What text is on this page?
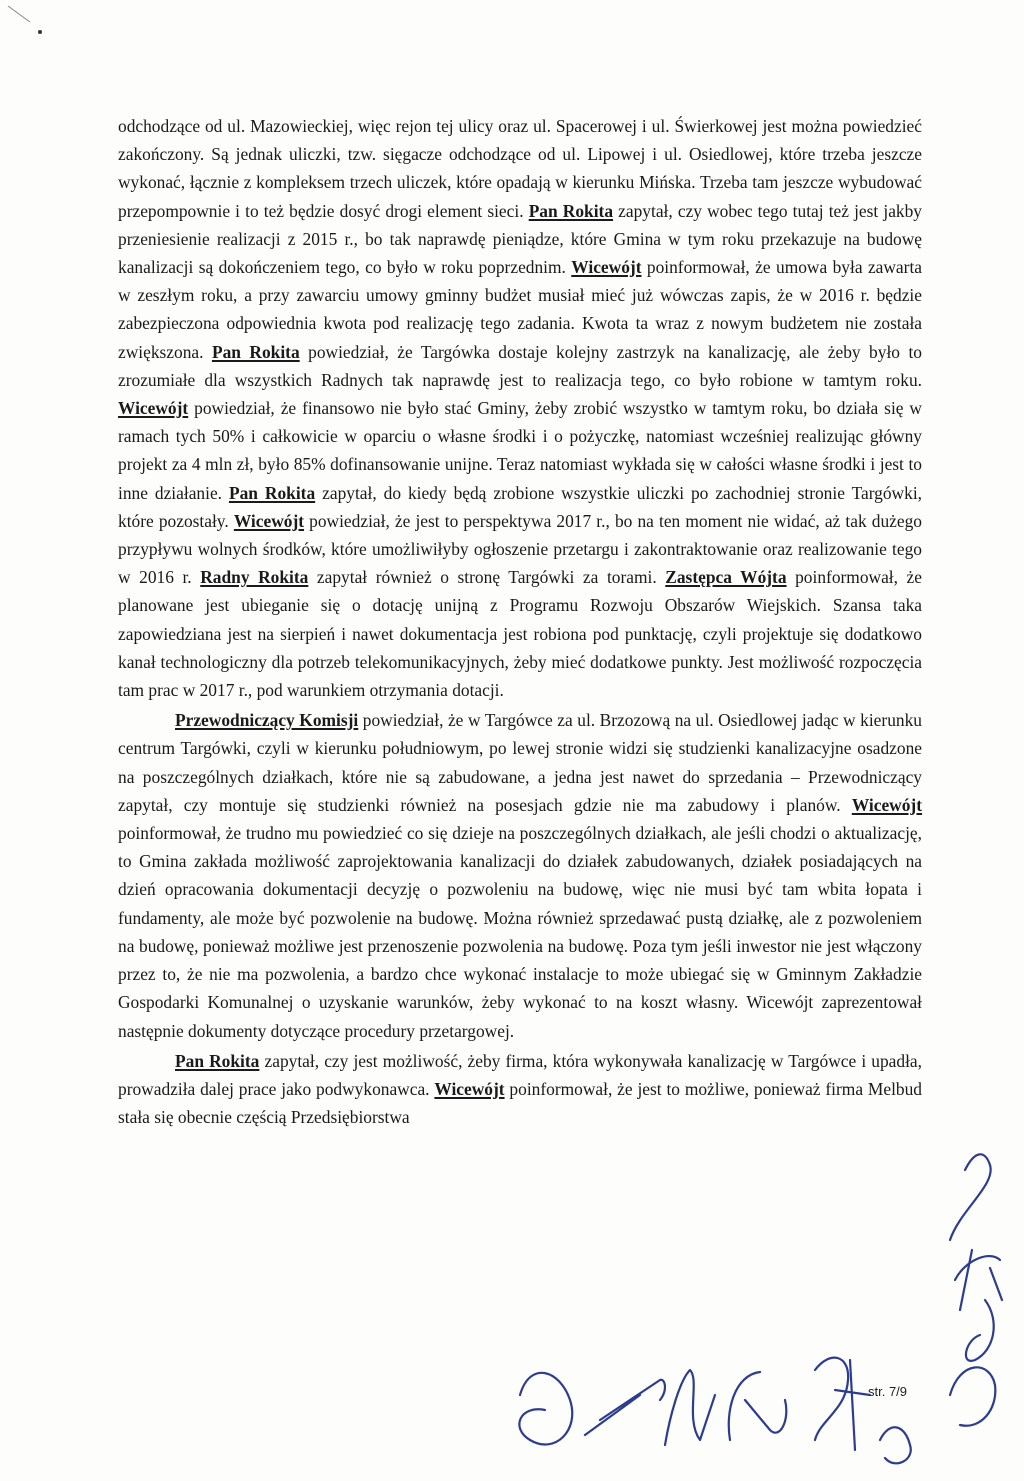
odchodzące od ul. Mazowieckiej, więc rejon tej ulicy oraz ul. Spacerowej i ul. Świerkowej jest można powiedzieć zakończony. Są jednak uliczki, tzw. sięgacze odchodzące od ul. Lipowej i ul. Osiedlowej, które trzeba jeszcze wykonać, łącznie z kompleksem trzech uliczek, które opadają w kierunku Mińska. Trzeba tam jeszcze wybudować przepompownie i to też będzie dosyć drogi element sieci. Pan Rokita zapytał, czy wobec tego tutaj też jest jakby przeniesienie realizacji z 2015 r., bo tak naprawdę pieniądze, które Gmina w tym roku przekazuje na budowę kanalizacji są dokończeniem tego, co było w roku poprzednim. Wicewójt poinformował, że umowa była zawarta w zeszłym roku, a przy zawarciu umowy gminny budżet musiał mieć już wówczas zapis, że w 2016 r. będzie zabezpieczona odpowiednia kwota pod realizację tego zadania. Kwota ta wraz z nowym budżetem nie została zwiększona. Pan Rokita powiedział, że Targówka dostaje kolejny zastrzyk na kanalizację, ale żeby było to zrozumiałe dla wszystkich Radnych tak naprawdę jest to realizacja tego, co było robione w tamtym roku. Wicewójt powiedział, że finansowo nie było stać Gminy, żeby zrobić wszystko w tamtym roku, bo działa się w ramach tych 50% i całkowicie w oparciu o własne środki i o pożyczkę, natomiast wcześniej realizując główny projekt za 4 mln zł, było 85% dofinansowanie unijne. Teraz natomiast wykłada się w całości własne środki i jest to inne działanie. Pan Rokita zapytał, do kiedy będą zrobione wszystkie uliczki po zachodniej stronie Targówki, które pozostały. Wicewójt powiedział, że jest to perspektywa 2017 r., bo na ten moment nie widać, aż tak dużego przypływu wolnych środków, które umożliwiłyby ogłoszenie przetargu i zakontraktowanie oraz realizowanie tego w 2016 r. Radny Rokita zapytał również o stronę Targówki za torami. Zastępca Wójta poinformował, że planowane jest ubieganie się o dotację unijną z Programu Rozwoju Obszarów Wiejskich. Szansa taka zapowiedziana jest na sierpień i nawet dokumentacja jest robiona pod punktację, czyli projektuje się dodatkowo kanał technologiczny dla potrzeb telekomunikacyjnych, żeby mieć dodatkowe punkty. Jest możliwość rozpoczęcia tam prac w 2017 r., pod warunkiem otrzymania dotacji.

Przewodniczący Komisji powiedział, że w Targówce za ul. Brzozową na ul. Osiedlowej jadąc w kierunku centrum Targówki, czyli w kierunku południowym, po lewej stronie widzi się studzienki kanalizacyjne osadzone na poszczególnych działkach, które nie są zabudowane, a jedna jest nawet do sprzedania – Przewodniczący zapytał, czy montuje się studzienki również na posesjach gdzie nie ma zabudowy i planów. Wicewójt poinformował, że trudno mu powiedzieć co się dzieje na poszczególnych działkach, ale jeśli chodzi o aktualizację, to Gmina zakłada możliwość zaprojektowania kanalizacji do działek zabudowanych, działek posiadających na dzień opracowania dokumentacji decyzję o pozwoleniu na budowę, więc nie musi być tam wbita łopata i fundamenty, ale może być pozwolenie na budowę. Można również sprzedawać pustą działkę, ale z pozwoleniem na budowę, ponieważ możliwe jest przenoszenie pozwolenia na budowę. Poza tym jeśli inwestor nie jest włączony przez to, że nie ma pozwolenia, a bardzo chce wykonać instalacje to może ubiegać się w Gminnym Zakładzie Gospodarki Komunalnej o uzyskanie warunków, żeby wykonać to na koszt własny. Wicewójt zaprezentował następnie dokumenty dotyczące procedury przetargowej.

Pan Rokita zapytał, czy jest możliwość, żeby firma, która wykonywała kanalizację w Targówce i upadła, prowadziła dalej prace jako podwykonawca. Wicewójt poinformował, że jest to możliwe, ponieważ firma Melbud stała się obecnie częścią Przedsiębiorstwa

str. 7/9
